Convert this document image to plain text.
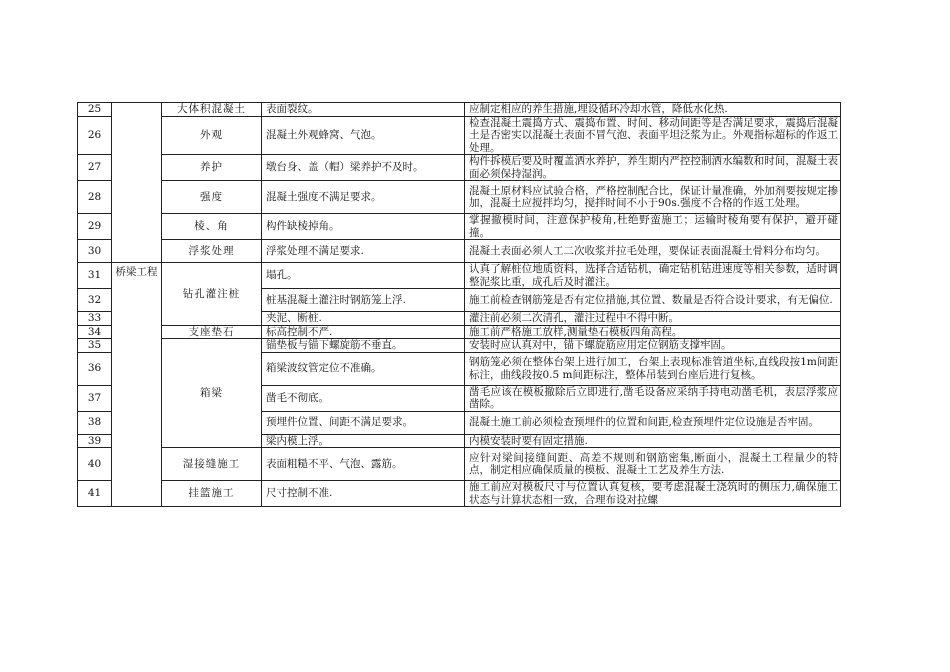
25		大体积混凝土	表面裂纹。	应制定相应的养生措施,埋设循环冷却水管，降低水化热.
26		外观	混凝土外观蜂窝、气泡。	检查混凝土震捣方式、震捣布置、时间、移动间距等是否满足要求，震捣后混凝土是否密实以混凝土表面不冒气泡、表面平坦泛浆为止。外观指标超标的作返工处理。
27		养护	墩台身、盖（帽）梁养护不及时。	构件拆模后要及时覆盖洒水养护，养生期内严控控制洒水编数和时间，混凝土表面必须保持湿润。
28		强度	混凝土强度不满足要求。	混凝土原材料应试验合格，严格控制配合比，保证计量准确，外加剂要按规定掺加，混凝土应搅拌均匀，搅拌时间不小于90s.强度不合格的作返工处理。
29		棱、角	构件缺棱掉角。	掌握撤模时间，注意保护棱角,杜绝野蛮施工；运输时棱角要有保护，避开碰撞。
30		浮浆处理	浮浆处理不满足要求.	混凝土表面必须人工二次收浆并拉毛处理，要保证表面混凝土骨料分布均匀。
31	桥梁工程	钻孔灌注桩	塌孔。	认真了解桩位地质资料，选择合适钻机，确定钻机钻进速度等相关参数，适时调整泥浆比重，成孔后及时灌注。
32			桩基混凝土灌注时钢筋笼上浮.	施工前检查钢筋笼是否有定位措施,其位置、数量是否符合设计要求，有无偏位.
33			夹泥、断桩.	灌注前必须二次清孔，灌注过程中不得中断。
34		支座垫石	标高控制不严.	施工前严格施工放样,测量垫石模板四角高程。
35		箱梁	锚垫板与锚下螺旋筋不垂直。	安装时应认真对中，锚下螺旋筋应用定位钢筋支撑牢固。
36			箱梁波纹管定位不准确。	钢筋笼必须在整体台架上进行加工，台架上表现标准管道坐标,直线段按1m间距标注，曲线段按0.5 m间距标注，整体吊装到台座后进行复核。
37			凿毛不彻底。	凿毛应该在模板撤除后立即进行,凿毛设备应采纳手持电动凿毛机，表层浮浆应凿除。
38			预埋件位置、间距不满足要求。	混凝土施工前必须检查预埋件的位置和间距,检查预埋件定位设施是否牢固。
39			梁内模上浮。	内模安装时要有固定措施.
40		湿接缝施工	表面粗糙不平、气泡、露筋。	应针对梁间接缝间距、高差不规则和钢筋密集,断面小，混凝土工程量少的特点，制定相应确保质量的模板、混凝土工艺及养生方法.
41		挂篮施工	尺寸控制不准.	施工前应对模板尺寸与位置认真复核，要考虑混凝土浇筑时的侧压力,确保施工状态与计算状态相一致，合理布设对拉螺
